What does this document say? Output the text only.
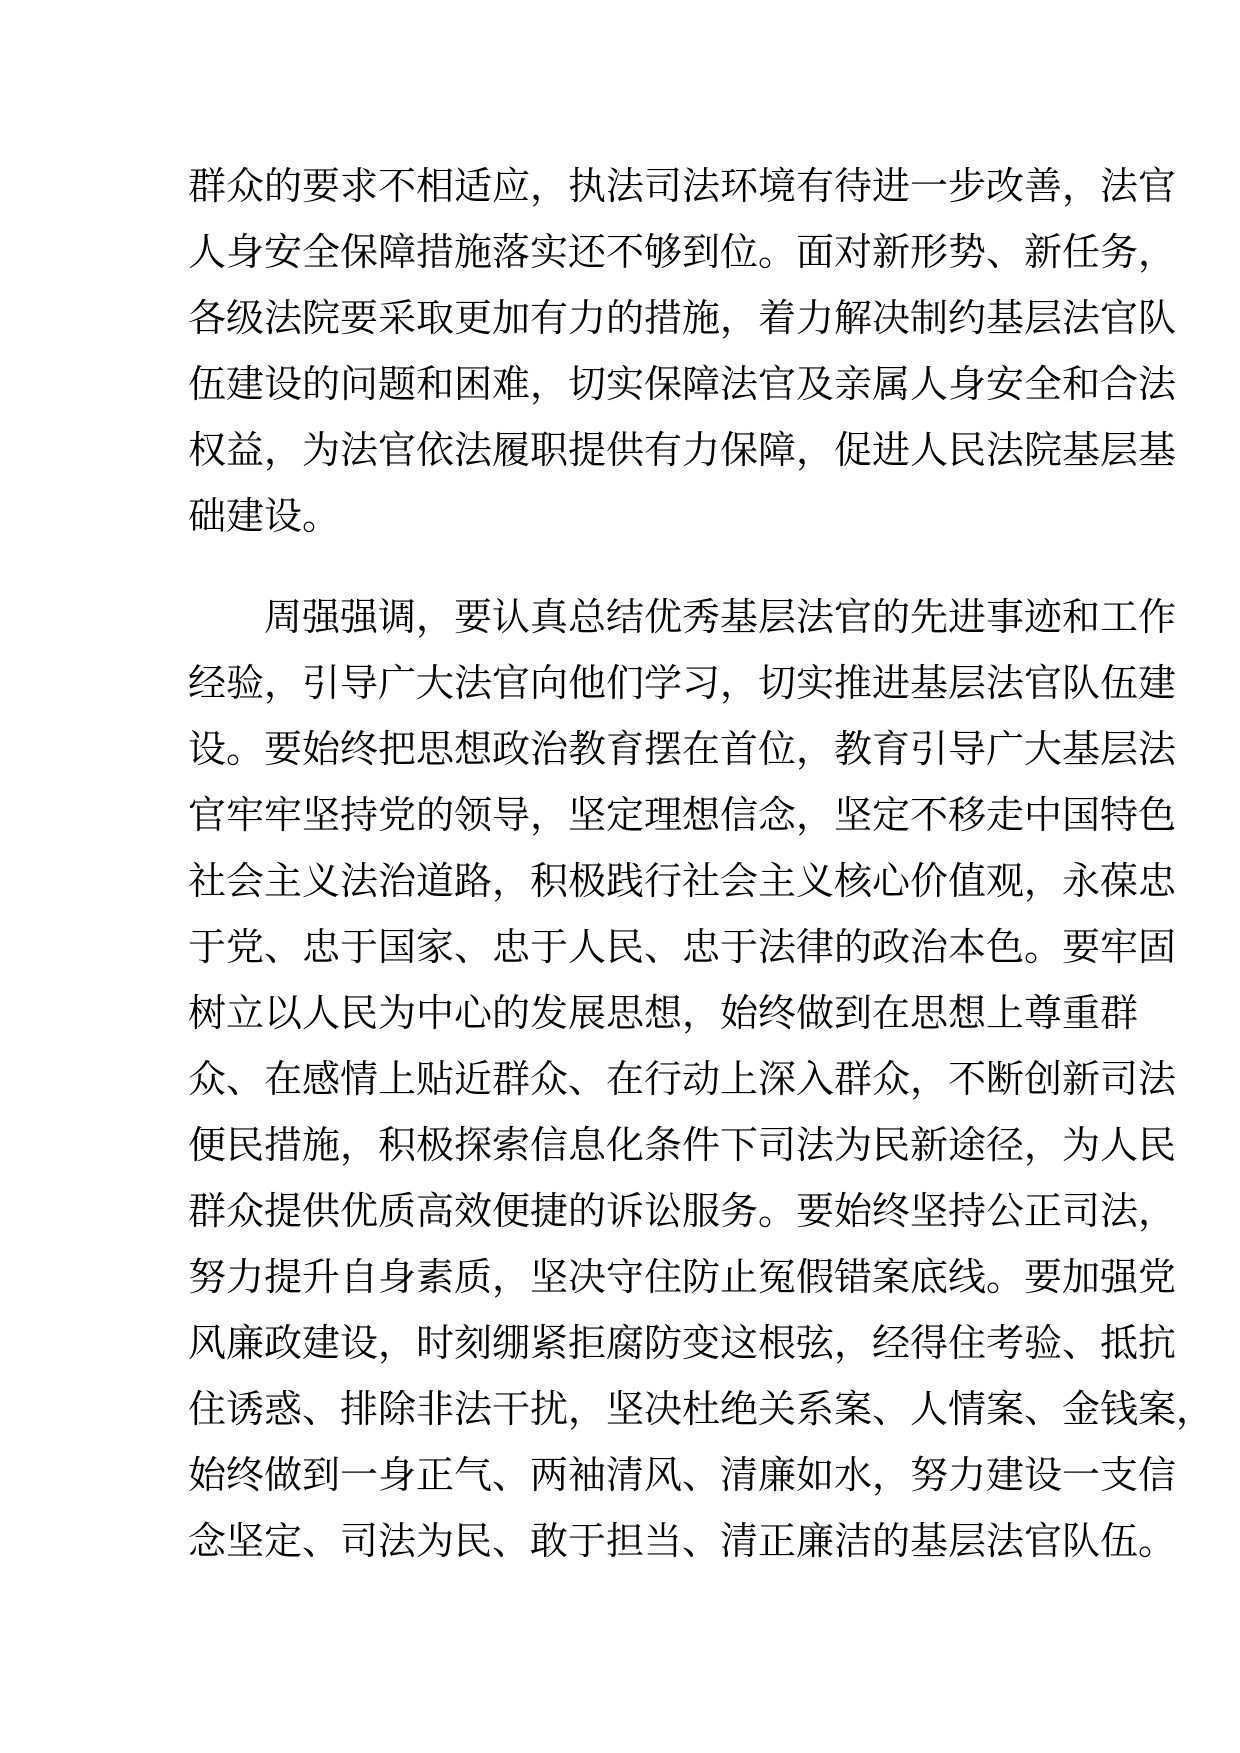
群众的要求不相适应，执法司法环境有待进一步改善，法官
人身安全保障措施落实还不够到位。面对新形势、新任务，
各级法院要采取更加有力的措施，着力解决制约基层法官队
伍建设的问题和困难，切实保障法官及亲属人身安全和合法
权益，为法官依法履职提供有力保障，促进人民法院基层基
础建设。
　　周强强调，要认真总结优秀基层法官的先进事迹和工作
经验，引导广大法官向他们学习，切实推进基层法官队伍建
设。要始终把思想政治教育摆在首位，教育引导广大基层法
官牢牢坚持党的领导，坚定理想信念，坚定不移走中国特色
社会主义法治道路，积极践行社会主义核心价值观，永葆忠
于党、忠于国家、忠于人民、忠于法律的政治本色。要牢固
树立以人民为中心的发展思想，始终做到在思想上尊重群
众、在感情上贴近群众、在行动上深入群众，不断创新司法
便民措施，积极探索信息化条件下司法为民新途径，为人民
群众提供优质高效便捷的诉讼服务。要始终坚持公正司法，
努力提升自身素质，坚决守住防止冤假错案底线。要加强党
风廉政建设，时刻绷紧拒腐防变这根弦，经得住考验、抵抗
住诱惑、排除非法干扰，坚决杜绝关系案、人情案、金钱案，
始终做到一身正气、两袖清风、清廉如水，努力建设一支信
念坚定、司法为民、敢于担当、清正廉洁的基层法官队伍。
